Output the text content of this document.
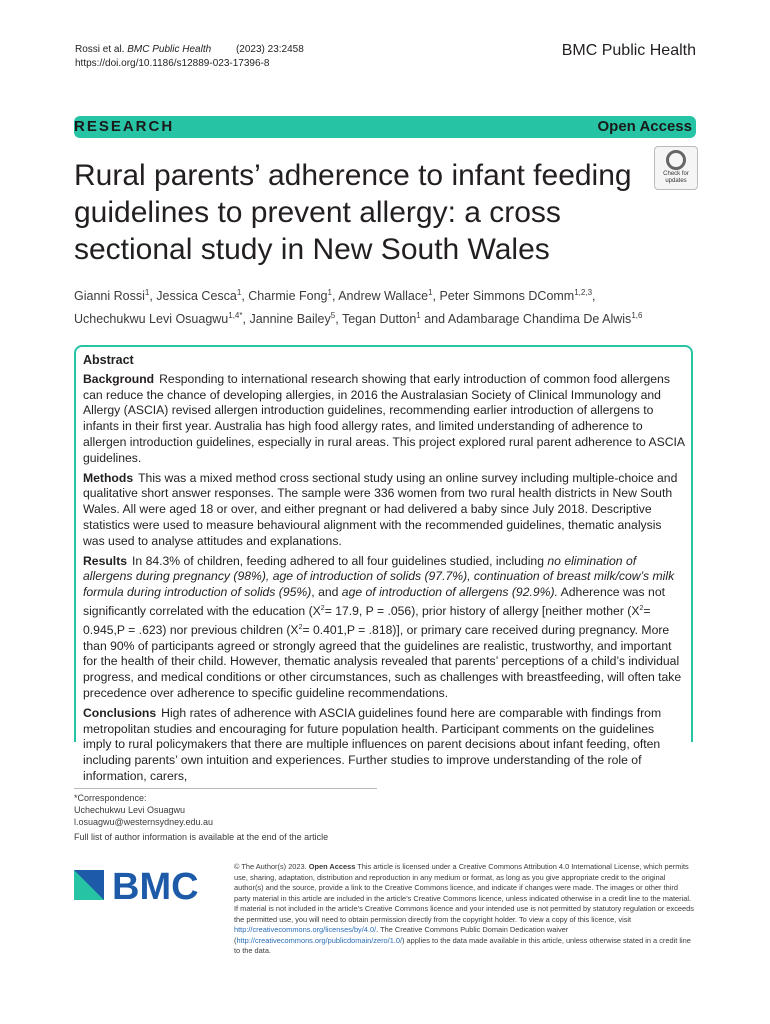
Rossi et al. BMC Public Health (2023) 23:2458
https://doi.org/10.1186/s12889-023-17396-8
BMC Public Health
RESEARCH	Open Access
Rural parents’ adherence to infant feeding guidelines to prevent allergy: a cross sectional study in New South Wales
Check for
updates
Gianni Rossi$^1$, Jessica Cesca$^1$, Charmie Fong$^1$, Andrew Wallace$^1$, Peter Simmons DComm$^{1,2,3}$,
Uchechukwu Levi Osuagwu$^{1,4*}$, Jannine Bailey$^5$, Tegan Dutton$^1$ and Adambarage Chandima De Alwis$^{1,6}$
Abstract

Background Responding to international research showing that early introduction of common food allergens can reduce the chance of developing allergies, in 2016 the Australasian Society of Clinical Immunology and Allergy (ASCIA) revised allergen introduction guidelines, recommending earlier introduction of allergens to infants in their first year. Australia has high food allergy rates, and limited understanding of adherence to allergen introduction guidelines, especially in rural areas. This project explored rural parent adherence to ASCIA guidelines.

Methods This was a mixed method cross sectional study using an online survey including multiple-choice and qualitative short answer responses. The sample were 336 women from two rural health districts in New South Wales. All were aged 18 or over, and either pregnant or had delivered a baby since July 2018. Descriptive statistics were used to measure behavioural alignment with the recommended guidelines, thematic analysis was used to analyse attitudes and explanations.

Results In 84.3% of children, feeding adhered to all four guidelines studied, including no elimination of allergens during pregnancy (98%), age of introduction of solids (97.7%), continuation of breast milk/cow’s milk formula during introduction of solids (95%), and age of introduction of allergens (92.9%). Adherence was not significantly correlated with the education ($X^2= 17.9$, P = .056), prior history of allergy [neither mother $(X^2= 0.945,P = .623)$ nor previous children $(X^2= 0.401,P = .818)$], or primary care received during pregnancy. More than 90% of participants agreed or strongly agreed that the guidelines are realistic, trustworthy, and important for the health of their child. However, thematic analysis revealed that parents’ perceptions of a child’s individual progress, and medical conditions or other circumstances, such as challenges with breastfeeding, will often take precedence over adherence to specific guideline recommendations.

Conclusions High rates of adherence with ASCIA guidelines found here are comparable with findings from metropolitan studies and encouraging for future population health. Participant comments on the guidelines imply to rural policymakers that there are multiple influences on parent decisions about infant feeding, often including parents’ own intuition and experiences. Further studies to improve understanding of the role of information, carers,

*Correspondence:
Uchechukwu Levi Osuagwu
l.osuagwu@westernsydney.edu.au
Full list of author information is available at the end of the article
BMC	© The Author(s) 2023. Open Access This article is licensed under a Creative Commons Attribution 4.0 International License, which permits use, sharing, adaptation, distribution and reproduction in any medium or format, as long as you give appropriate credit to the original author(s) and the source, provide a link to the Creative Commons licence, and indicate if changes were made. The images or other third party material in this article are included in the article’s Creative Commons licence, unless indicated otherwise in a credit line to the material. If material is not included in the article’s Creative Commons licence and your intended use is not permitted by statutory regulation or exceeds the permitted use, you will need to obtain permission directly from the copyright holder. To view a copy of this licence, visit http://creativecommons.org/licenses/by/4.0/. The Creative Commons Public Domain Dedication waiver (http://creativecommons.org/publicdomain/zero/1.0/) applies to the data made available in this article, unless otherwise stated in a credit line to the data.
